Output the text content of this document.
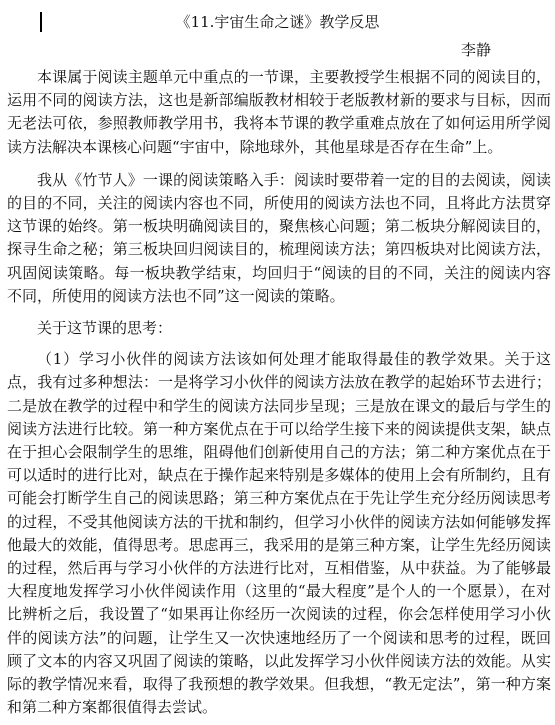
《11.宇宙生命之谜》教学反思
李静

本课属于阅读主题单元中重点的一节课，主要教授学生根据不同的阅读目的，运用不同的阅读方法，这也是新部编版教材相较于老版教材新的要求与目标，因而无老法可依，参照教师教学用书，我将本节课的教学重难点放在了如何运用所学阅读方法解决本课核心问题“宇宙中，除地球外，其他星球是否存在生命”上。

我从《竹节人》一课的阅读策略入手：阅读时要带着一定的目的去阅读，阅读的目的不同，关注的阅读内容也不同，所使用的阅读方法也不同，且将此方法贯穿这节课的始终。第一板块明确阅读目的，聚焦核心问题；第二板块分解阅读目的，探寻生命之秘；第三板块回归阅读目的，梳理阅读方法；第四板块对比阅读方法，巩固阅读策略。每一板块教学结束，均回归于“阅读的目的不同，关注的阅读内容不同，所使用的阅读方法也不同”这一阅读的策略。

关于这节课的思考：

（1）学习小伙伴的阅读方法该如何处理才能取得最佳的教学效果。关于这点，我有过多种想法：一是将学习小伙伴的阅读方法放在教学的起始环节去进行；二是放在教学的过程中和学生的阅读方法同步呈现；三是放在课文的最后与学生的阅读方法进行比较。第一种方案优点在于可以给学生接下来的阅读提供支架，缺点在于担心会限制学生的思维，阻碍他们创新使用自己的方法；第二种方案优点在于可以适时的进行比对，缺点在于操作起来特别是多媒体的使用上会有所制约，且有可能会打断学生自己的阅读思路；第三种方案优点在于先让学生充分经历阅读思考的过程，不受其他阅读方法的干扰和制约，但学习小伙伴的阅读方法如何能够发挥他最大的效能，值得思考。思虑再三，我采用的是第三种方案，让学生先经历阅读的过程，然后再与学习小伙伴的方法进行比对，互相借鉴，从中获益。为了能够最大程度地发挥学习小伙伴阅读作用（这里的“最大程度”是个人的一个愿景），在对比辨析之后，我设置了“如果再让你经历一次阅读的过程，你会怎样使用学习小伙伴的阅读方法”的问题，让学生又一次快速地经历了一个阅读和思考的过程，既回顾了文本的内容又巩固了阅读的策略，以此发挥学习小伙伴阅读方法的效能。从实际的教学情况来看，取得了我预想的教学效果。但我想，“教无定法”，第一种方案和第二种方案都很值得去尝试。
